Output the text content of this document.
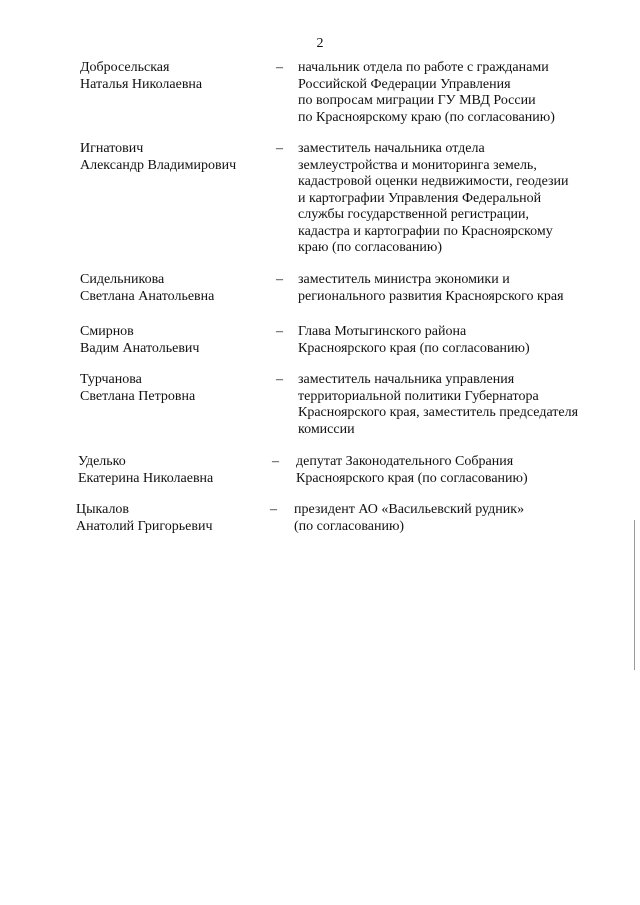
2
Добросельская
Наталья Николаевна
– начальник отдела по работе с гражданами
Российской Федерации Управления
по вопросам миграции ГУ МВД России
по Красноярскому краю (по согласованию)
Игнатович
Александр Владимирович
– заместитель начальника отдела
землеустройства и мониторинга земель,
кадастровой оценки недвижимости, геодезии
и картографии Управления Федеральной
службы государственной регистрации,
кадастра и картографии по Красноярскому
краю (по согласованию)
Сидельникова
Светлана Анатольевна
– заместитель министра экономики и
регионального развития Красноярского края
Смирнов
Вадим Анатольевич
– Глава Мотыгинского района
Красноярского края (по согласованию)
Турчанова
Светлана Петровна
– заместитель начальника управления
территориальной политики Губернатора
Красноярского края, заместитель председателя
комиссии
Уделько
Екатерина Николаевна
– депутат Законодательного Собрания
Красноярского края (по согласованию)
Цыкалов
Анатолий Григорьевич
– президент АО «Васильевский рудник»
(по согласованию)
